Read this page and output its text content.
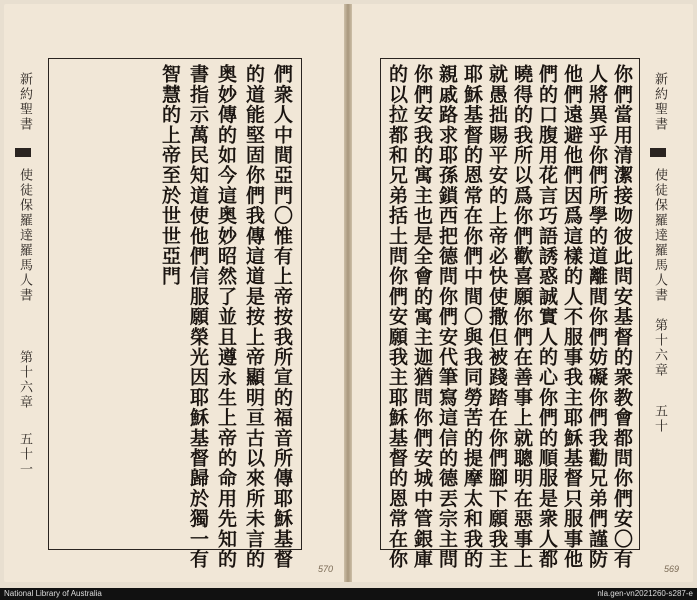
新約聖書
使徒保羅達羅馬人書
第十六章
五十一	們衆人中間亞門〇惟有上帝按我所宣的福音所傳耶穌基督
的道能堅固你們我傳這道是按上帝顯明亘古以來所未言的
奥妙傳的如今這奥妙昭然了並且遵永生上帝的命用先知的
書指示萬民知道使他們信服願榮光因耶穌基督歸於獨一有
智慧的上帝至於世世亞門	新約聖書
使徒保羅達羅馬人書
第十六章
五十
你們當用清潔接吻彼此問安基督的衆教會都問你們安〇有
人將異乎你們所學的道離間你們妨礙你們我勸兄弟們謹防
他們遠避他們因爲這樣的人不服事我主耶穌基督只服事他
們的口腹用花言巧語誘惑誠實人的心你們的順服是衆人都
曉得的我所以爲你們歡喜願你們在善事上就聰明在惡事上
就愚拙賜平安的上帝必快使撒但被踐踏在你們腳下願我主
耶穌基督的恩常在你們中間〇與我同勞苦的提摩太和我的
親戚路求耶孫鎖西把德問你們安代筆寫這信的德丟宗主問
你們安我的寓主也是全會的寓主迦猶問你們安城中管銀庫
的以拉都和兄弟括土問你們安願我主耶穌基督的恩常在你
570	569
National Library of Australia	nla.gen-vn2021260-s287-e
